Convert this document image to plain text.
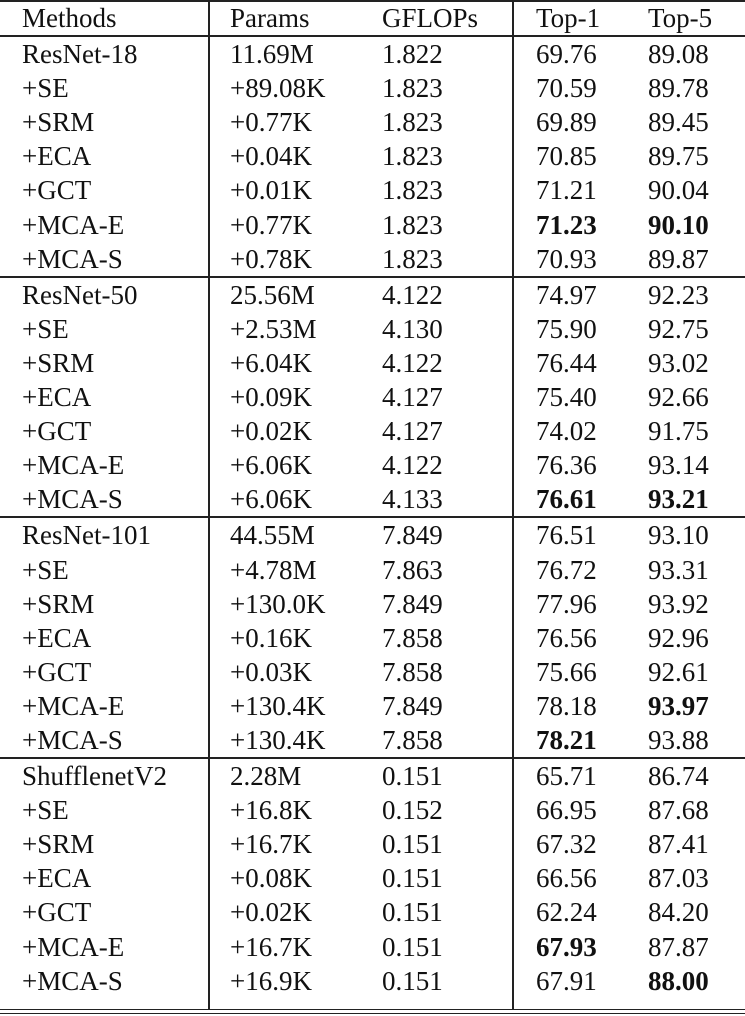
Methods	Params	GFLOPs Top-1 Top-5
ResNet-18	11.69M	1.822	69.76 89.08
+SE	+89.08K 1.823	70.59 89.78
+SRM	+0.77K	1.823	69.89 89.45
+ECA	+0.04K	1.823	70.85 89.75
+GCT	+0.01K	1.823	71.21 90.04
+MCA-E	+0.77K	1.823	71.23 90.10
+MCA-S	+0.78K	1.823	70.93 89.87
ResNet-50	25.56M 4.122	74.97 92.23
+SE	+2.53M 4.130	75.90 92.75
+SRM	+6.04K	4.122	76.44 93.02
+ECA	+0.09K	4.127	75.40 92.66
+GCT	+0.02K	4.127	74.02 91.75
+MCA-E	+6.06K	4.122	76.36 93.14
+MCA-S	+6.06K	4.133	76.61 93.21
ResNet-101	44.55M 7.849	76.51 93.10
+SE	+4.78M 7.863	76.72 93.31
+SRM	+130.0K 7.849	77.96 93.92
+ECA	+0.16K	7.858	76.56 92.96
+GCT	+0.03K	7.858	75.66 92.61
+MCA-E	+130.4K 7.849	78.18 93.97
+MCA-S	+130.4K 7.858	78.21 93.88
ShufflenetV2 2.28M	0.151	65.71 86.74
+SE	+16.8K	0.152	66.95 87.68
+SRM	+16.7K	0.151	67.32 87.41
+ECA	+0.08K	0.151	66.56 87.03
+GCT	+0.02K	0.151	62.24 84.20
+MCA-E	+16.7K	0.151	67.93 87.87
+MCA-S	+16.9K	0.151	67.91 88.00
